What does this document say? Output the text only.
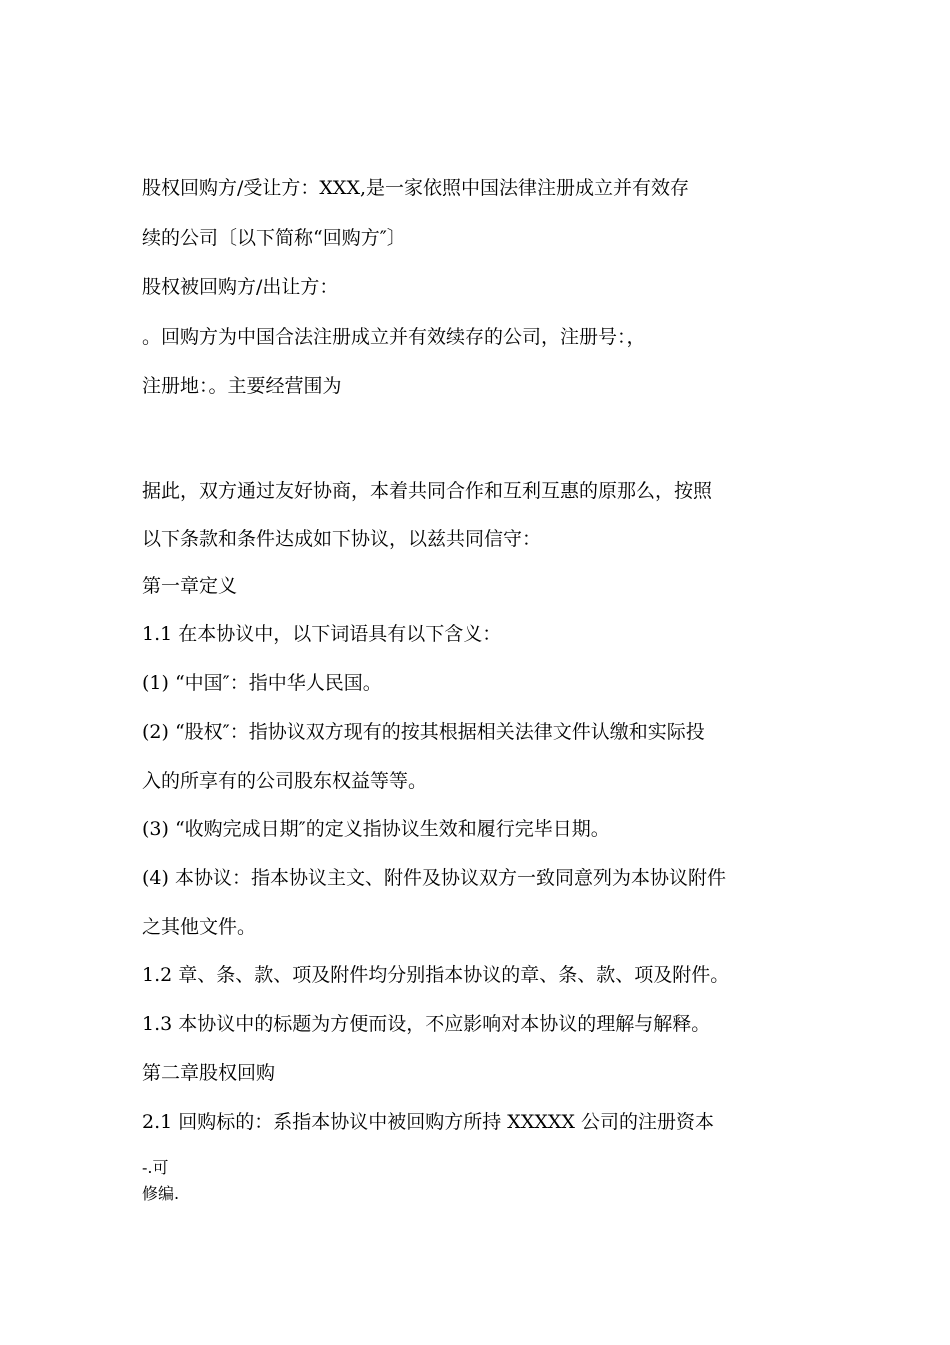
股权回购方/受让方：XXX,是一家依照中国法律注册成立并有效存
续的公司〔以下简称“回购方″〕
股权被回购方/出让方：
。回购方为中国合法注册成立并有效续存的公司，注册号：，
注册地：。主要经营围为
据此，双方通过友好协商，本着共同合作和互利互惠的原那么，按照
以下条款和条件达成如下协议，以兹共同信守：
第一章定义
1.1 在本协议中，以下词语具有以下含义：
(1) “中国″：指中华人民国。
(2) “股权″：指协议双方现有的按其根据相关法律文件认缴和实际投
入的所享有的公司股东权益等等。
(3) “收购完成日期″的定义指协议生效和履行完毕日期。
(4) 本协议：指本协议主文、附件及协议双方一致同意列为本协议附件
之其他文件。
1.2 章、条、款、项及附件均分别指本协议的章、条、款、项及附件。
1.3 本协议中的标题为方便而设，不应影响对本协议的理解与解释。
第二章股权回购
2.1 回购标的：系指本协议中被回购方所持 XXXXX 公司的注册资本
-.可
修编.
